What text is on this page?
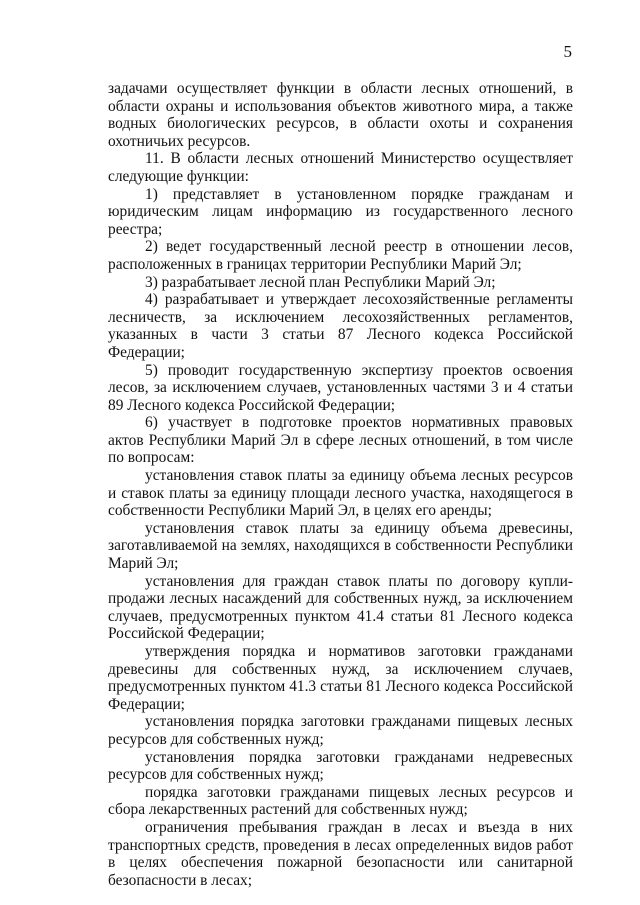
5

задачами осуществляет функции в области лесных отношений, в области охраны и использования объектов животного мира, а также водных биологических ресурсов, в области охоты и сохранения охотничьих ресурсов.

11. В области лесных отношений Министерство осуществляет следующие функции:

1) представляет в установленном порядке гражданам и юридическим лицам информацию из государственного лесного реестра;

2) ведет государственный лесной реестр в отношении лесов, расположенных в границах территории Республики Марий Эл;

3) разрабатывает лесной план Республики Марий Эл;

4) разрабатывает и утверждает лесохозяйственные регламенты лесничеств, за исключением лесохозяйственных регламентов, указанных в части 3 статьи 87 Лесного кодекса Российской Федерации;

5) проводит государственную экспертизу проектов освоения лесов, за исключением случаев, установленных частями 3 и 4 статьи 89 Лесного кодекса Российской Федерации;

6) участвует в подготовке проектов нормативных правовых актов Республики Марий Эл в сфере лесных отношений, в том числе по вопросам:

установления ставок платы за единицу объема лесных ресурсов и ставок платы за единицу площади лесного участка, находящегося в собственности Республики Марий Эл, в целях его аренды;

установления ставок платы за единицу объема древесины, заготавливаемой на землях, находящихся в собственности Республики Марий Эл;

установления для граждан ставок платы по договору купли-продажи лесных насаждений для собственных нужд, за исключением случаев, предусмотренных пунктом 41.4 статьи 81 Лесного кодекса Российской Федерации;

утверждения порядка и нормативов заготовки гражданами древесины для собственных нужд, за исключением случаев, предусмотренных пунктом 41.3 статьи 81 Лесного кодекса Российской Федерации;

установления порядка заготовки гражданами пищевых лесных ресурсов для собственных нужд;

установления порядка заготовки гражданами недревесных ресурсов для собственных нужд;

порядка заготовки гражданами пищевых лесных ресурсов и сбора лекарственных растений для собственных нужд;

ограничения пребывания граждан в лесах и въезда в них транспортных средств, проведения в лесах определенных видов работ в целях обеспечения пожарной безопасности или санитарной безопасности в лесах;
